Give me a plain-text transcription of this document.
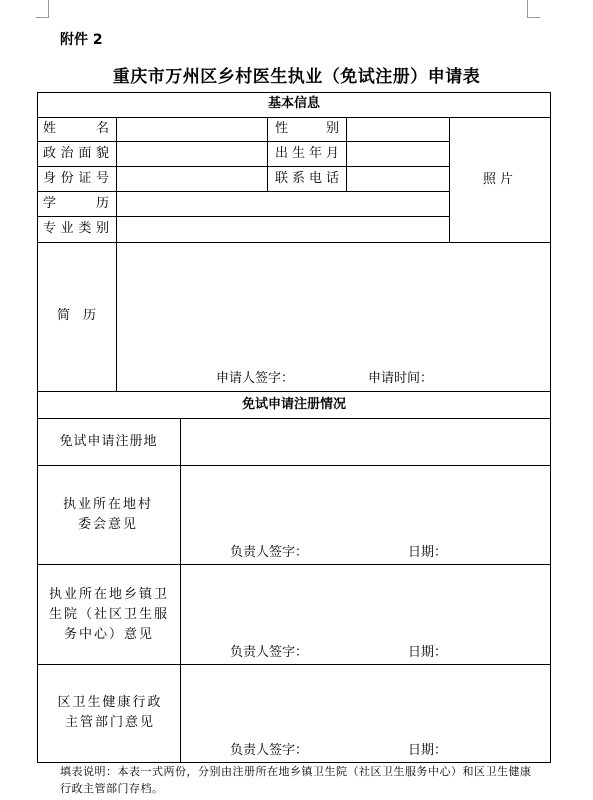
附件 2
重庆市万州区乡村医生执业（免试注册）申请表
基本信息
姓　　名	性　　别
政治面貌	出生年月
身份证号	联系电话
学　　历
专业类别
照片
简　历
申请人签字：	申请时间：
免试申请注册情况
免试申请注册地
执业所在地村委会意见
负责人签字：	日期：
执业所在地乡镇卫生院（社区卫生服务中心）意见
负责人签字：	日期：
区卫生健康行政主管部门意见
负责人签字：	日期：
填表说明：本表一式两份，分别由注册所在地乡镇卫生院（社区卫生服务中心）和区卫生健康行政主管部门存档。
